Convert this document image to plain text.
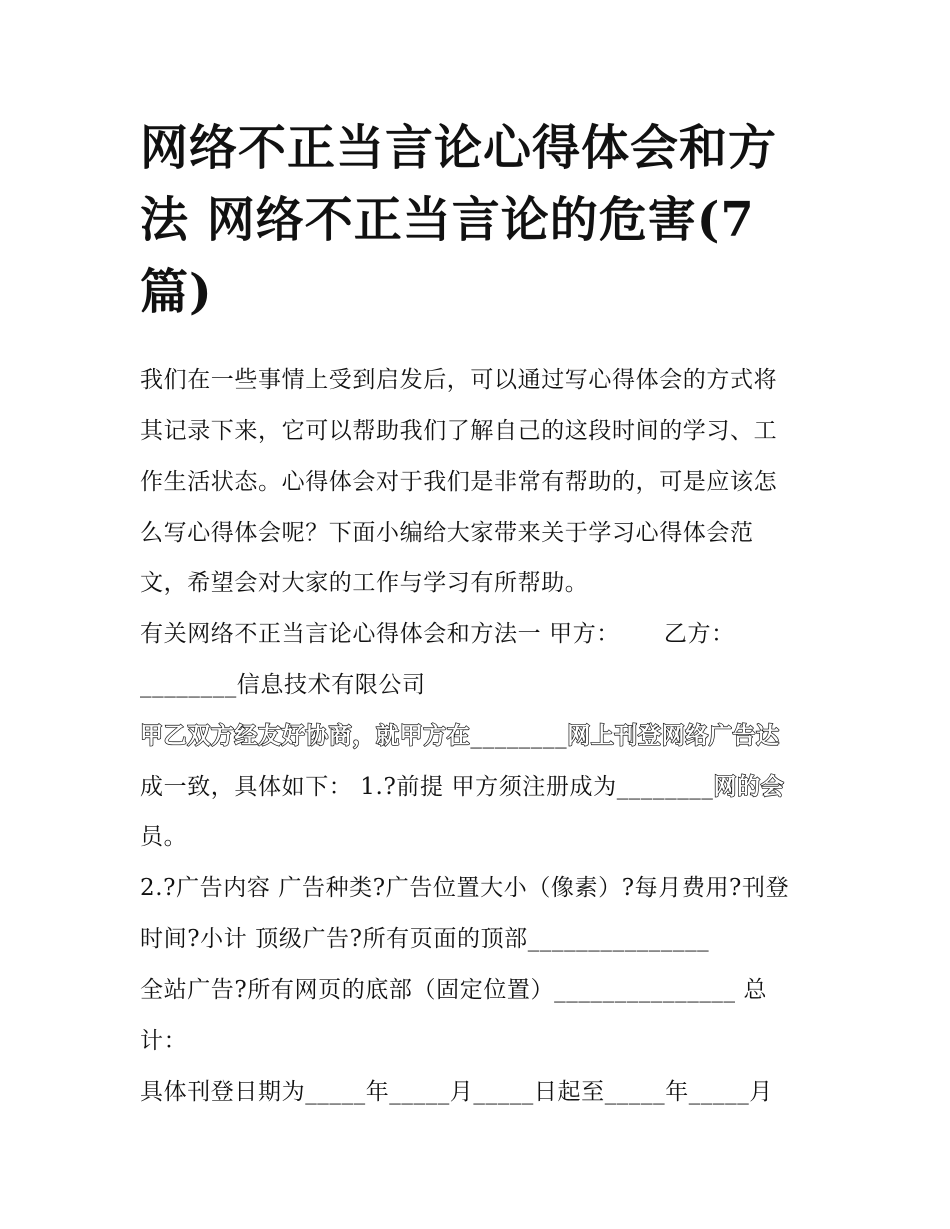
网络不正当言论心得体会和方
法 网络不正当言论的危害(7
篇)
我们在一些事情上受到启发后，可以通过写心得体会的方式将
其记录下来，它可以帮助我们了解自己的这段时间的学习、工
作生活状态。心得体会对于我们是非常有帮助的，可是应该怎
么写心得体会呢？下面小编给大家带来关于学习心得体会范
文，希望会对大家的工作与学习有所帮助。
有关网络不正当言论心得体会和方法一 甲方： 乙方：
________信息技术有限公司
甲乙双方经友好协商，就甲方在________网上刊登网络广告达
成一致，具体如下： 1.?前提 甲方须注册成为________网的会
员。
2.?广告内容 广告种类?广告位置大小（像素）?每月费用?刊登
时间?小计 顶级广告?所有页面的顶部_______________
全站广告?所有网页的底部（固定位置）_______________ 总
计：
具体刊登日期为_____年_____月_____日起至_____年_____月
